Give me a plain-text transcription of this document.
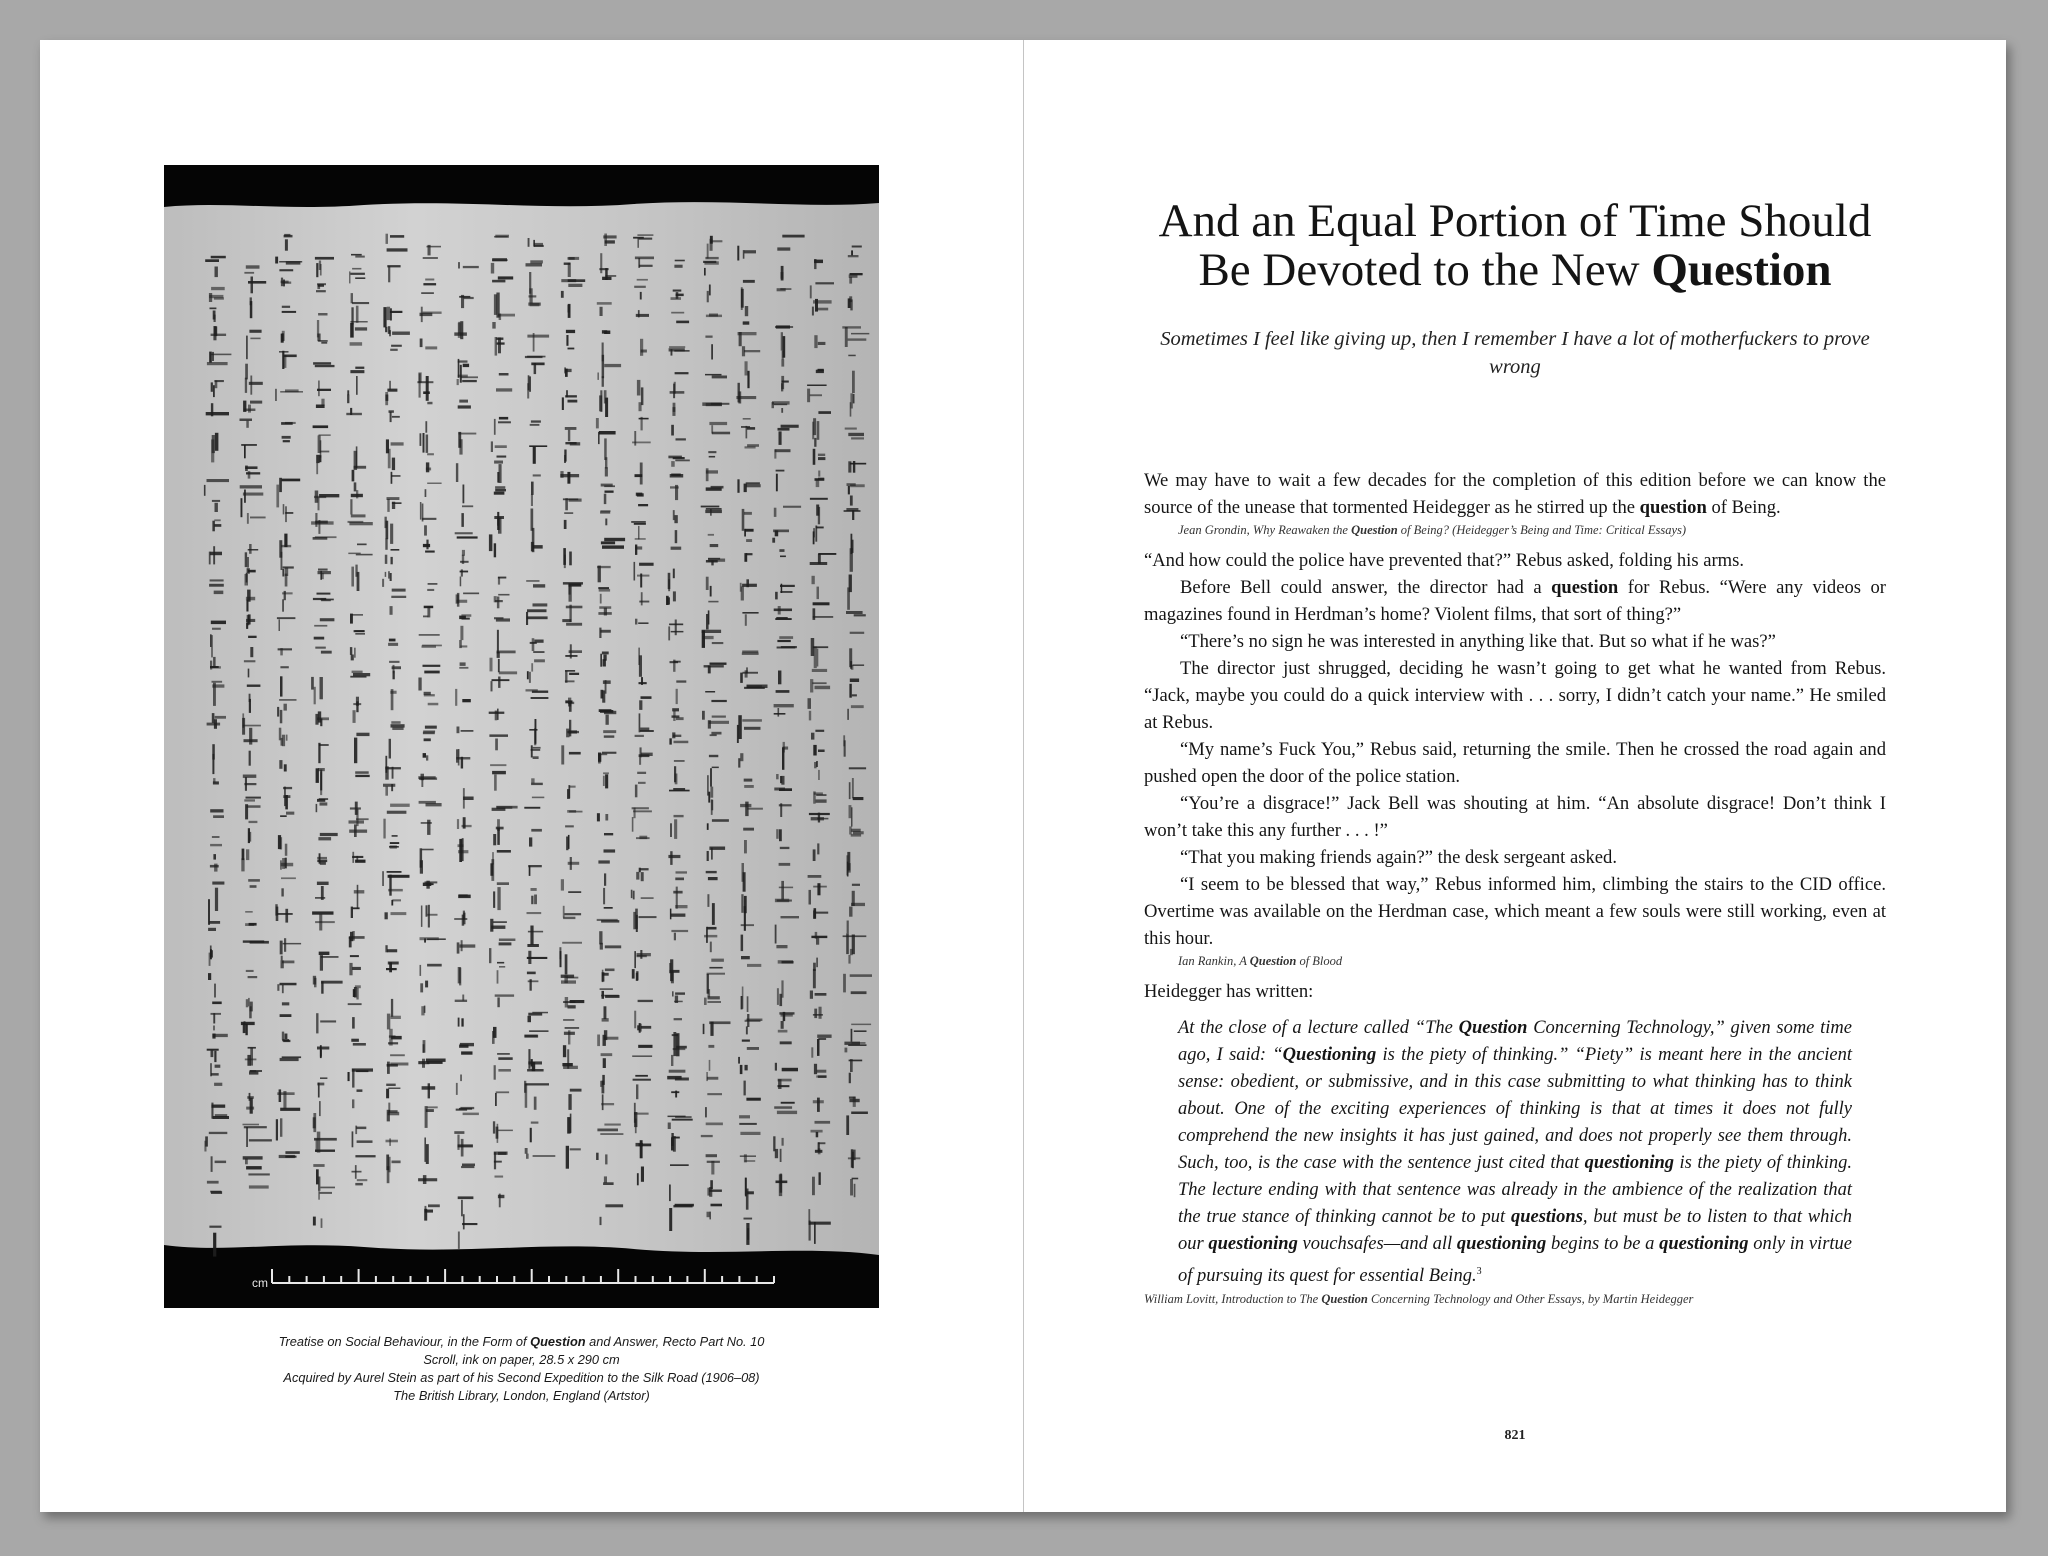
cm
Treatise on Social Behaviour, in the Form of Question and Answer, Recto Part No. 10
Scroll, ink on paper, 28.5 x 290 cm
Acquired by Aurel Stein as part of his Second Expedition to the Silk Road (1906–08)
The British Library, London, England (Artstor)
And an Equal Portion of Time Should
Be Devoted to the New Question

Sometimes I feel like giving up, then I remember I have a lot of motherfuckers to prove wrong

We may have to wait a few decades for the completion of this edition before we can know the source of the unease that tormented Heidegger as he stirred up the question of Being.

Jean Grondin, Why Reawaken the Question of Being? (Heidegger’s Being and Time: Critical Essays)

“And how could the police have prevented that?” Rebus asked, folding his arms.

Before Bell could answer, the director had a question for Rebus. “Were any videos or magazines found in Herdman’s home? Violent films, that sort of thing?”

“There’s no sign he was interested in anything like that. But so what if he was?”

The director just shrugged, deciding he wasn’t going to get what he wanted from Rebus. “Jack, maybe you could do a quick interview with . . . sorry, I didn’t catch your name.” He smiled at Rebus.

“My name’s Fuck You,” Rebus said, returning the smile. Then he crossed the road again and pushed open the door of the police station.

“You’re a disgrace!” Jack Bell was shouting at him. “An absolute disgrace! Don’t think I won’t take this any further . . . !”

“That you making friends again?” the desk sergeant asked.

“I seem to be blessed that way,” Rebus informed him, climbing the stairs to the CID office. Overtime was available on the Herdman case, which meant a few souls were still working, even at this hour.

Ian Rankin, A Question of Blood

Heidegger has written:

At the close of a lecture called “The Question Concerning Technology,” given some time ago, I said: “Questioning is the piety of thinking.” “Piety” is meant here in the ancient sense: obedient, or submissive, and in this case submitting to what thinking has to think about. One of the exciting experiences of thinking is that at times it does not fully comprehend the new insights it has just gained, and does not properly see them through. Such, too, is the case with the sentence just cited that questioning is the piety of thinking. The lecture ending with that sentence was already in the ambience of the realization that the true stance of thinking cannot be to put questions, but must be to listen to that which our questioning vouchsafes—and all questioning begins to be a questioning only in virtue of pursuing its quest for essential Being.$^3$

William Lovitt, Introduction to The Question Concerning Technology and Other Essays, by Martin Heidegger

821
